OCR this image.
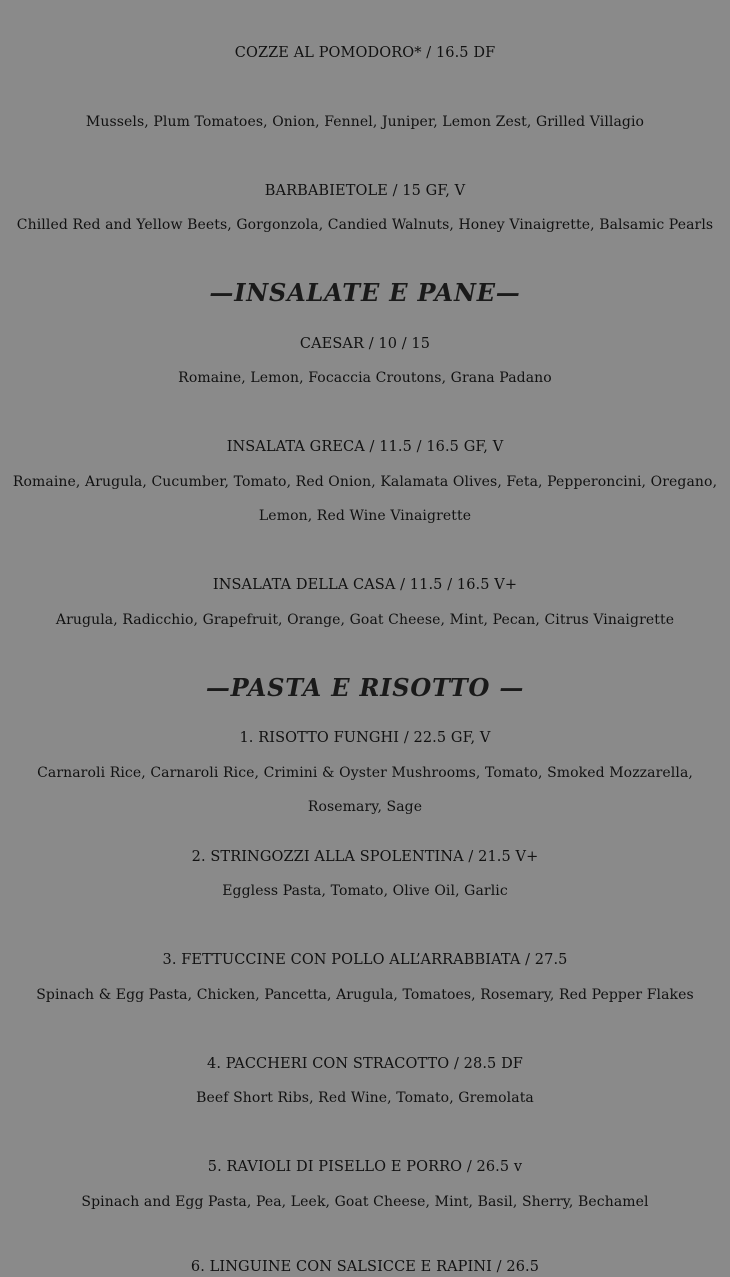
COZZE AL POMODORO* / 16.5 DF
Mussels, Plum Tomatoes, Onion, Fennel, Juniper, Lemon Zest, Grilled Villagio
BARBABIETOLE / 15 GF, V
Chilled Red and Yellow Beets, Gorgonzola, Candied Walnuts, Honey Vinaigrette, Balsamic Pearls
—INSALATE E PANE—
CAESAR / 10 / 15
Romaine, Lemon, Focaccia Croutons, Grana Padano
INSALATA GRECA / 11.5 / 16.5 GF, V
Romaine, Arugula, Cucumber, Tomato, Red Onion, Kalamata Olives, Feta, Pepperoncini, Oregano,
Lemon, Red Wine Vinaigrette
INSALATA DELLA CASA / 11.5 / 16.5 V+
Arugula, Radicchio, Grapefruit, Orange, Goat Cheese, Mint, Pecan, Citrus Vinaigrette
—PASTA E RISOTTO —
1. RISOTTO FUNGHI / 22.5 GF, V
Carnaroli Rice, Carnaroli Rice, Crimini & Oyster Mushrooms, Tomato, Smoked Mozzarella,
Rosemary, Sage
2. STRINGOZZI ALLA SPOLENTINA / 21.5 V+
Eggless Pasta, Tomato, Olive Oil, Garlic
3. FETTUCCINE CON POLLO ALL’ARRABBIATA / 27.5
Spinach & Egg Pasta, Chicken, Pancetta, Arugula, Tomatoes, Rosemary, Red Pepper Flakes
4. PACCHERI CON STRACOTTO / 28.5 DF
Beef Short Ribs, Red Wine, Tomato, Gremolata
5. RAVIOLI DI PISELLO E PORRO / 26.5 v
Spinach and Egg Pasta, Pea, Leek, Goat Cheese, Mint, Basil, Sherry, Bechamel
6. LINGUINE CON SALSICCE E RAPINI / 26.5
